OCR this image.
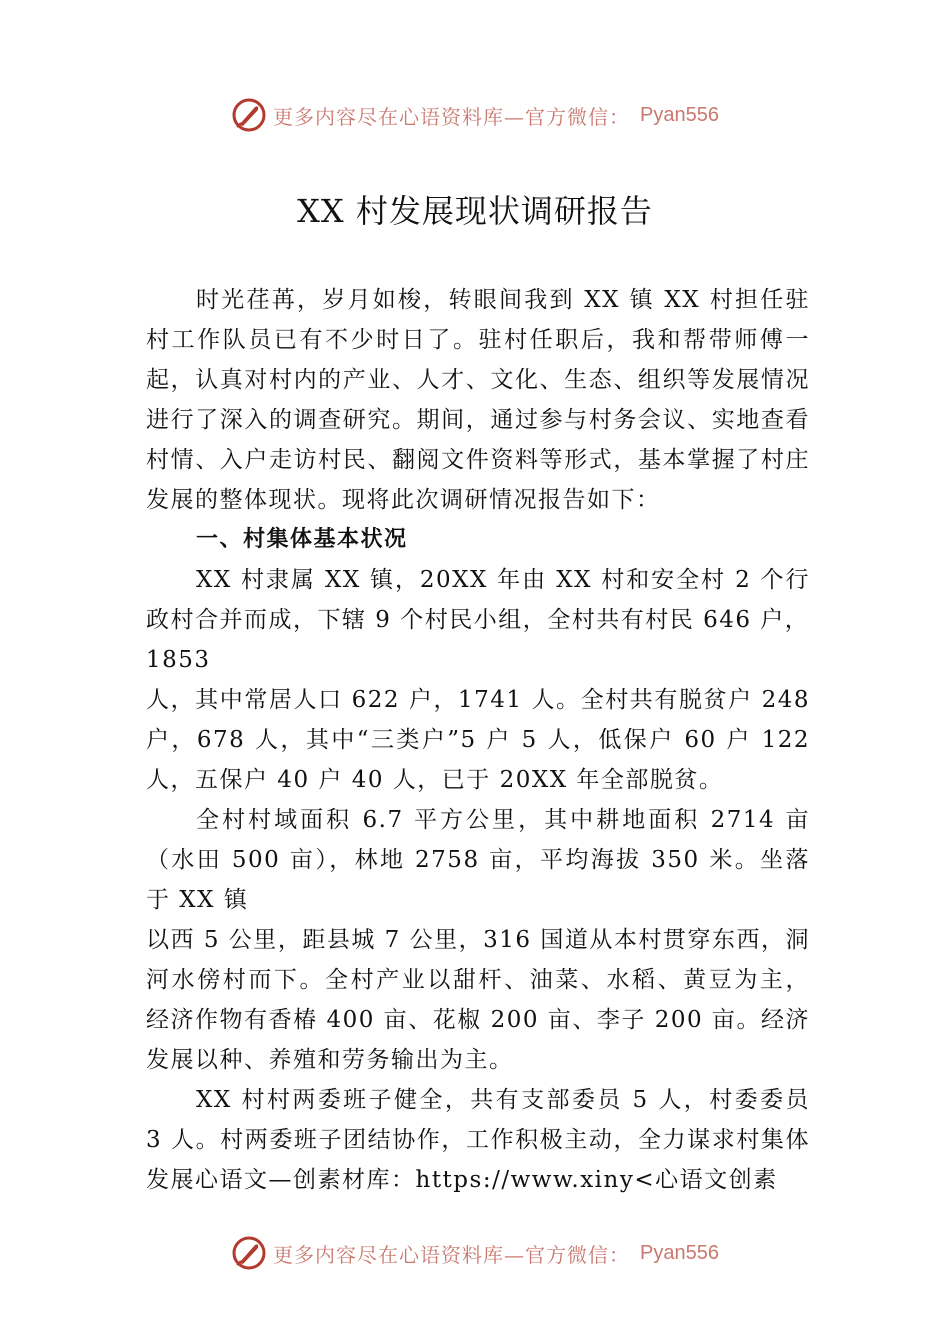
更多内容尽在心语资料库—官方微信： Pyan556
XX 村发展现状调研报告

时光荏苒，岁月如梭，转眼间我到 XX 镇 XX 村担任驻村工作队员已有不少时日了。驻村任职后，我和帮带师傅一起，认真对村内的产业、人才、文化、生态、组织等发展情况进行了深入的调查研究。期间，通过参与村务会议、实地查看村情、入户走访村民、翻阅文件资料等形式，基本掌握了村庄发展的整体现状。现将此次调研情况报告如下：

一、村集体基本状况

XX 村隶属 XX 镇，20XX 年由 XX 村和安全村 2 个行政村合并而成，下辖 9 个村民小组，全村共有村民 646 户，

1853

人，其中常居人口 622 户，1741 人。全村共有脱贫户 248 户，678 人，其中“三类户”5 户 5 人，低保户 60 户 122 人，五保户 40 户 40 人，已于 20XX 年全部脱贫。

全村村域面积 6.7 平方公里，其中耕地面积 2714 亩（水田 500 亩），林地 2758 亩，平均海拔 350 米。坐落于 XX 镇

以西 5 公里，距县城 7 公里，316 国道从本村贯穿东西，洞河水傍村而下。全村产业以甜杆、油菜、水稻、黄豆为主， 经济作物有香椿 400 亩、花椒 200 亩、李子 200 亩。经济发展以种、养殖和劳务输出为主。

XX 村村两委班子健全，共有支部委员 5 人，村委委员 3 人。村两委班子团结协作，工作积极主动，全力谋求村集体发展心语文—创素材库：https://www.xiny<心语文创素

更多内容尽在心语资料库—官方微信： Pyan556
